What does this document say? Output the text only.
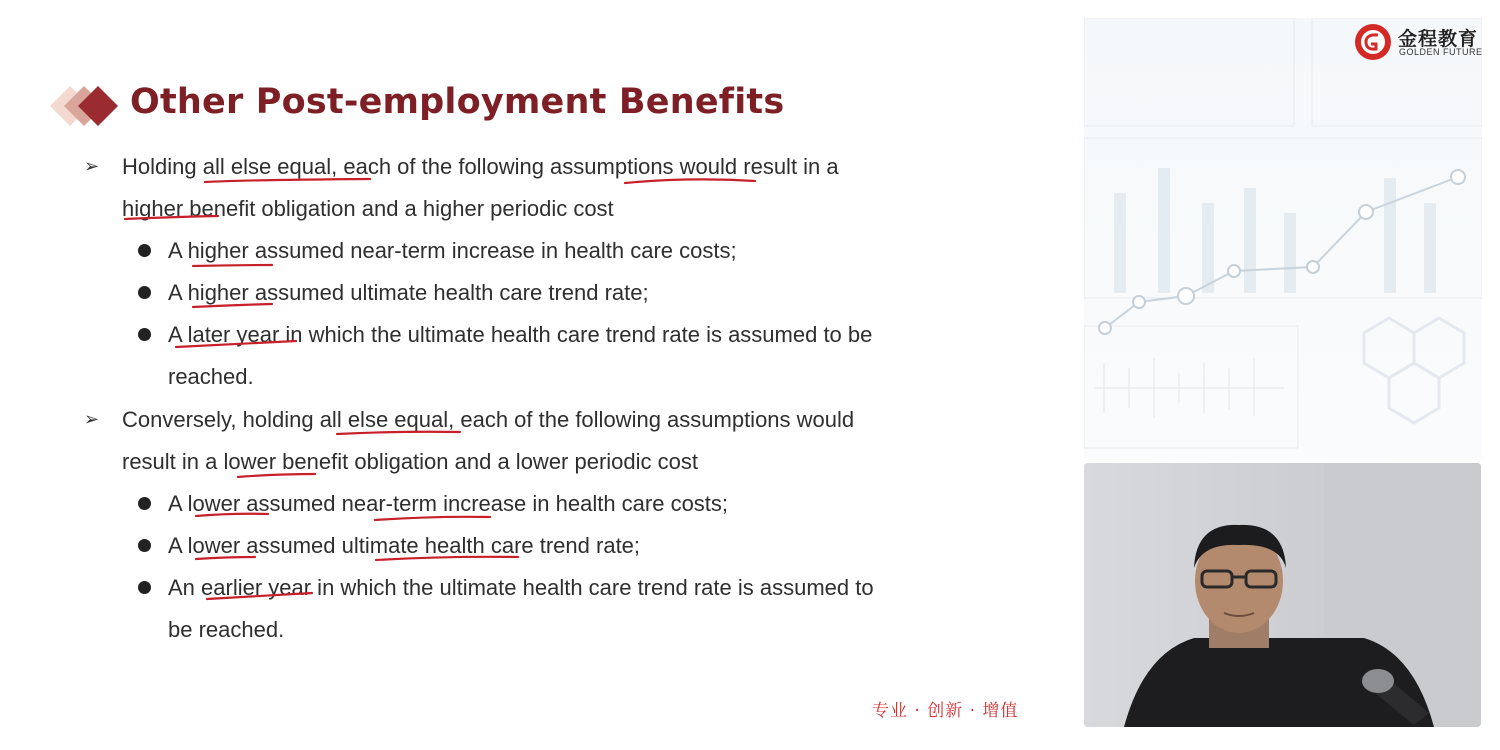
Other Post-employment Benefits
➢ Holding all else equal, each of the following assumptions would result in a
higher benefit obligation and a higher periodic cost
A higher assumed near-term increase in health care costs;
A higher assumed ultimate health care trend rate;
A later year in which the ultimate health care trend rate is assumed to be
reached.
➢ Conversely, holding all else equal, each of the following assumptions would
result in a lower benefit obligation and a lower periodic cost
A lower assumed near-term increase in health care costs;
A lower assumed ultimate health care trend rate;
An earlier year in which the ultimate health care trend rate is assumed to
be reached.
金程教育
GOLDEN FUTURE
专业 · 创新 · 增值
